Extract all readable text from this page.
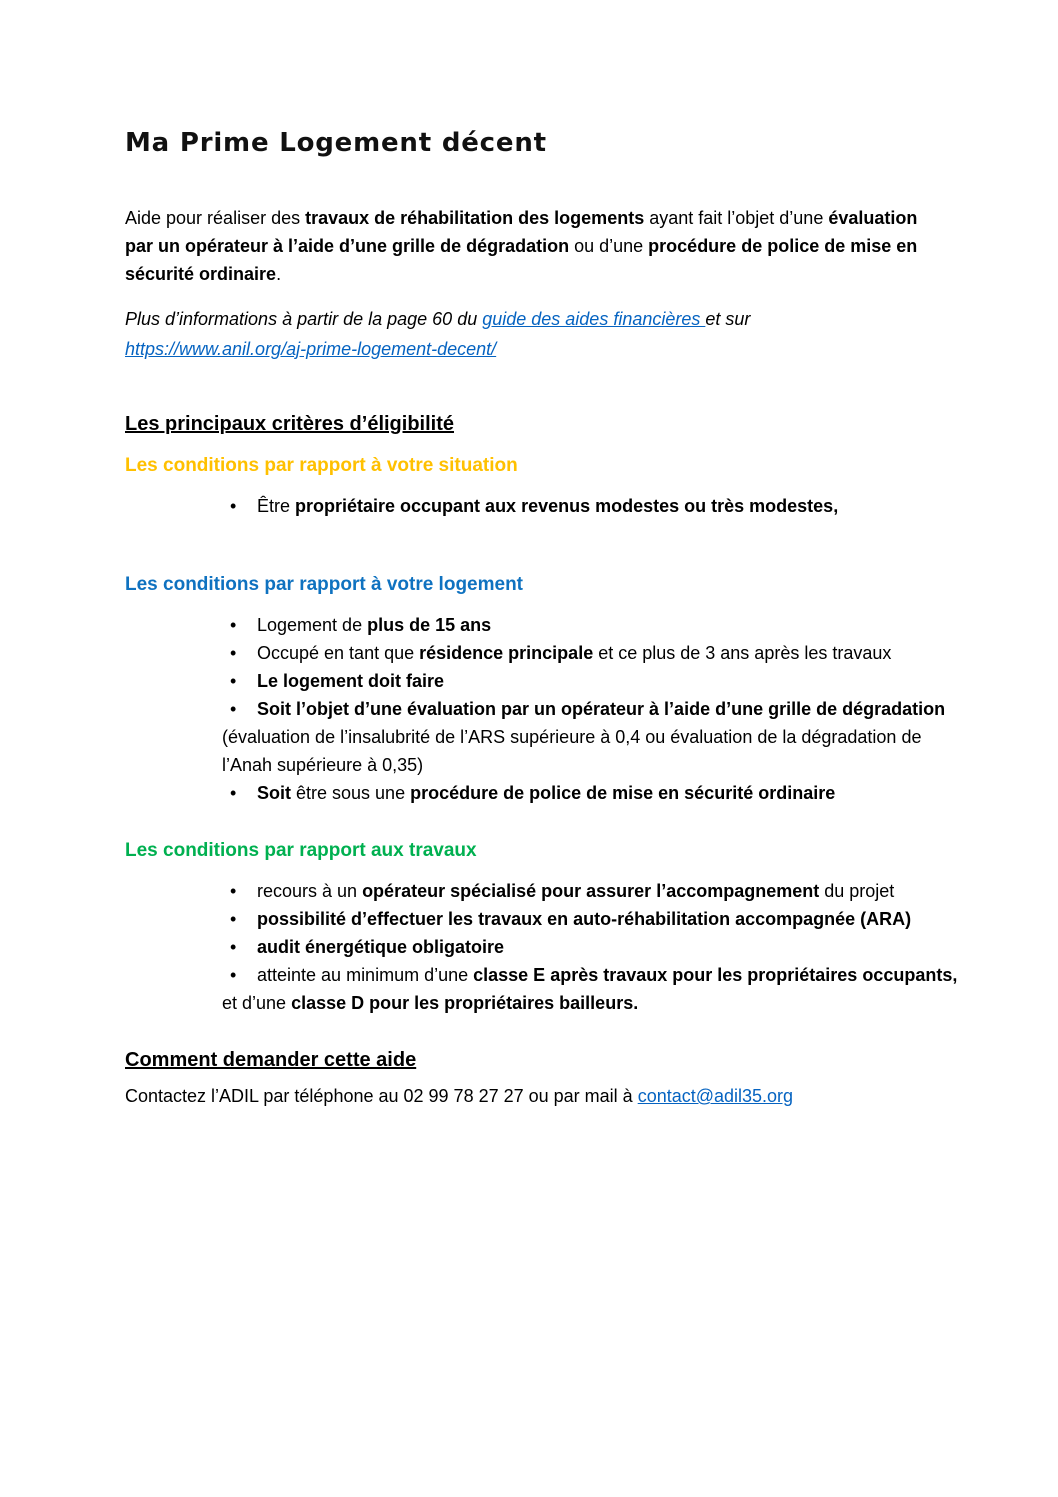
Ma Prime Logement décent

Aide pour réaliser des travaux de réhabilitation des logements ayant fait l’objet d’une évaluation
par un opérateur à l’aide d’une grille de dégradation ou d’une procédure de police de mise en
sécurité ordinaire.

Plus d’informations à partir de la page 60 du guide des aides financières et sur
https://www.anil.org/aj-prime-logement-decent/

Les principaux critères d’éligibilité

Les conditions par rapport à votre situation

• Être propriétaire occupant aux revenus modestes ou très modestes,

Les conditions par rapport à votre logement

• Logement de plus de 15 ans
• Occupé en tant que résidence principale et ce plus de 3 ans après les travaux
• Le logement doit faire
• Soit l’objet d’une évaluation par un opérateur à l’aide d’une grille de dégradation
(évaluation de l’insalubrité de l’ARS supérieure à 0,4 ou évaluation de la dégradation de
l’Anah supérieure à 0,35)
• Soit être sous une procédure de police de mise en sécurité ordinaire

Les conditions par rapport aux travaux

• recours à un opérateur spécialisé pour assurer l’accompagnement du projet
• possibilité d’effectuer les travaux en auto-réhabilitation accompagnée (ARA)
• audit énergétique obligatoire
• atteinte au minimum d’une classe E après travaux pour les propriétaires occupants,
et d’une classe D pour les propriétaires bailleurs.

Comment demander cette aide

Contactez l’ADIL par téléphone au 02 99 78 27 27 ou par mail à contact@adil35.org
